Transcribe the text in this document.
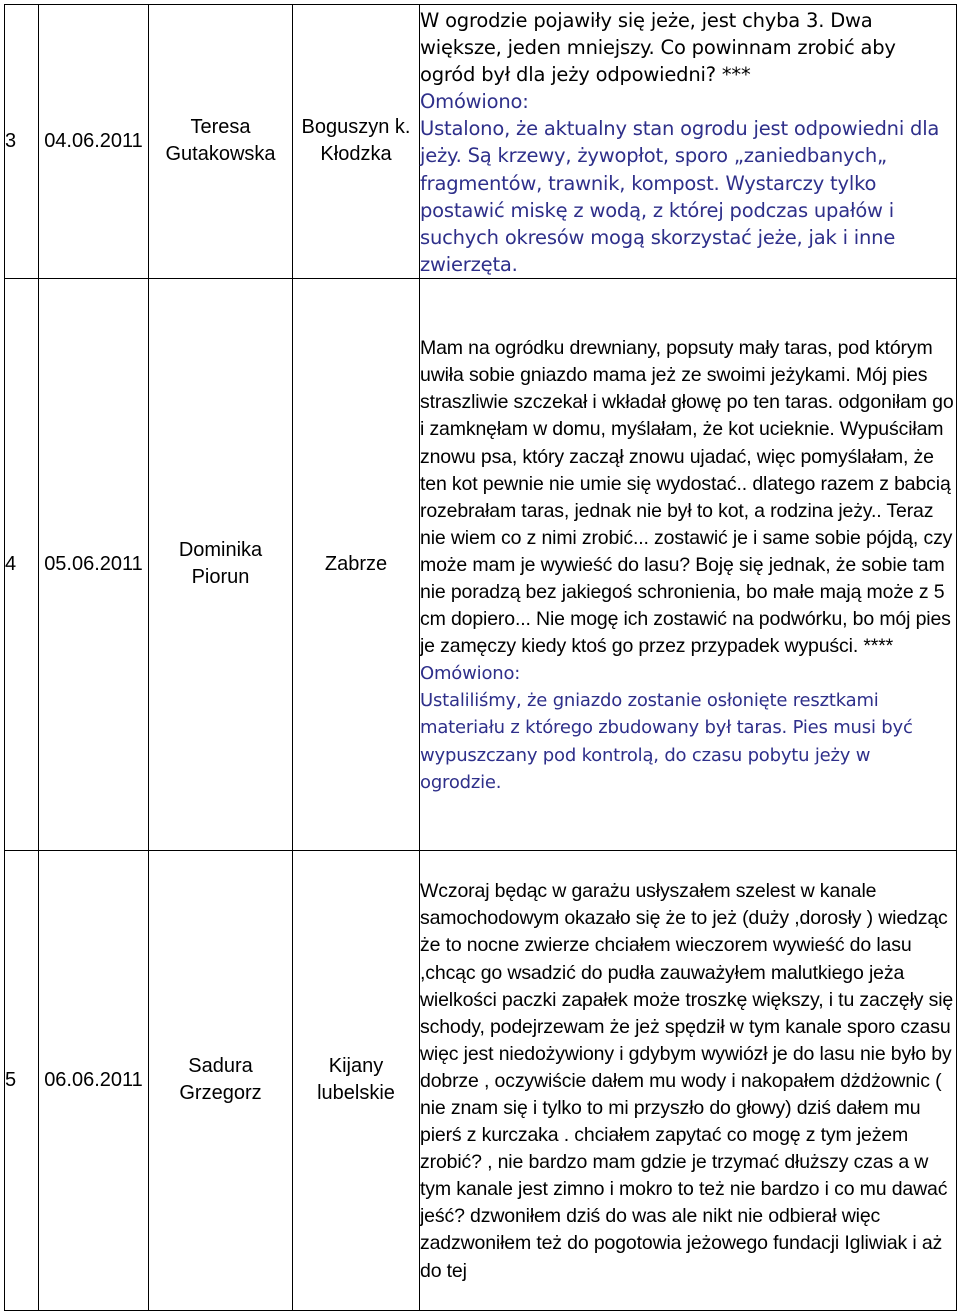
3	04.06.2011	Teresa Gutakowska	Boguszyn k. Kłodzka	W ogrodzie pojawiły się jeże, jest chyba 3. Dwa większe, jeden mniejszy. Co powinnam zrobić aby ogród był dla jeży odpowiedni? ***

Omówiono:

Ustalono, że aktualny stan ogrodu jest odpowiedni dla jeży. Są krzewy, żywopłot, sporo „zaniedbanych„ fragmentów, trawnik, kompost. Wystarczy tylko postawić miskę z wodą, z której podczas upałów i suchych okresów mogą skorzystać jeże, jak i inne zwierzęta.

4	05.06.2011	Dominika Piorun	Zabrze	Mam na ogródku drewniany, popsuty mały taras, pod którym uwiła sobie gniazdo mama jeż ze swoimi jeżykami. Mój pies straszliwie szczekał i wkładał głowę po ten taras. odgoniłam go i zamknęłam w domu, myślałam, że kot ucieknie. Wypuściłam znowu psa, który zaczął znowu ujadać, więc pomyślałam, że ten kot pewnie nie umie się wydostać.. dlatego razem z babcią rozebrałam taras, jednak nie był to kot, a rodzina jeży.. Teraz nie wiem co z nimi zrobić... zostawić je i same sobie pójdą, czy może mam je wywieść do lasu? Boję się jednak, że sobie tam nie poradzą bez jakiegoś schronienia, bo małe mają może z 5 cm dopiero... Nie mogę ich zostawić na podwórku, bo mój pies je zamęczy kiedy ktoś go przez przypadek wypuści. ****

Omówiono:

Ustaliliśmy, że gniazdo zostanie osłonięte resztkami materiału z którego zbudowany był taras. Pies musi być wypuszczany pod kontrolą, do czasu pobytu jeży w ogrodzie.

5	06.06.2011	Sadura Grzegorz	Kijany lubelskie	Wczoraj będąc w garażu usłyszałem szelest w kanale samochodowym okazało się że to jeż (duży ,dorosły ) wiedząc że to nocne zwierze chciałem wieczorem wywieść do lasu ,chcąc go wsadzić do pudła zauważyłem malutkiego jeża wielkości paczki zapałek może troszkę większy, i tu zaczęły się schody, podejrzewam że jeż spędził w tym kanale sporo czasu więc jest niedożywiony i gdybym wywiózł je do lasu nie było by dobrze , oczywiście dałem mu wody i nakopałem dżdżownic ( nie znam się i tylko to mi przyszło do głowy) dziś dałem mu pierś z kurczaka . chciałem zapytać co mogę z tym jeżem zrobić? , nie bardzo mam gdzie je trzymać dłuższy czas a w tym kanale jest zimno i mokro to też nie bardzo i co mu dawać jeść? dzwoniłem dziś do was ale nikt nie odbierał więc zadzwoniłem też do pogotowia jeżowego fundacji Igliwiak i aż do tej
